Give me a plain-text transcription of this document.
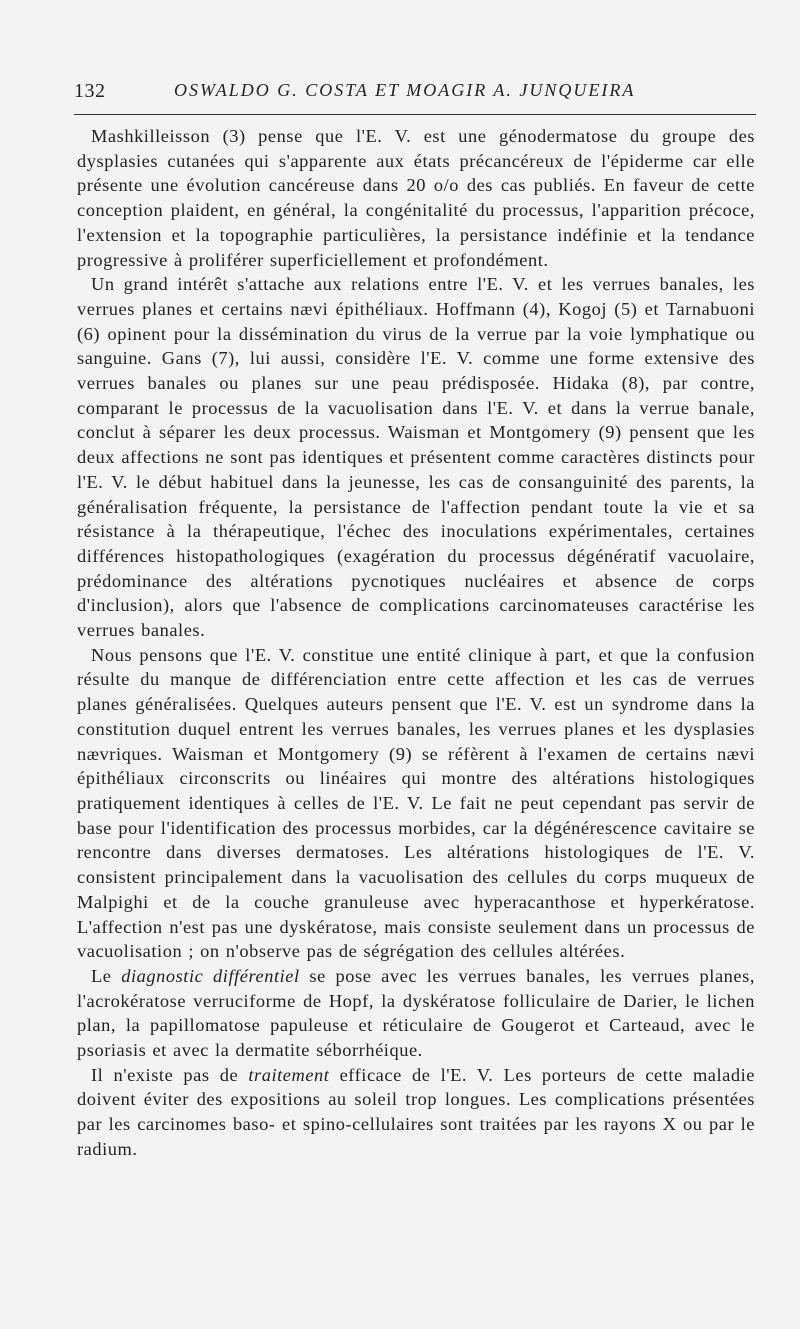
132	OSWALDO G. COSTA ET MOAGIR A. JUNQUEIRA

Mashkilleisson (3) pense que l'E. V. est une génodermatose du groupe des dysplasies cutanées qui s'apparente aux états précancéreux de l'épiderme car elle présente une évolution cancéreuse dans 20 o/o des cas publiés. En faveur de cette conception plaident, en général, la congénitalité du processus, l'apparition précoce, l'extension et la topographie particulières, la persistance indéfinie et la tendance progressive à proliférer superficiellement et profondément.

Un grand intérêt s'attache aux relations entre l'E. V. et les verrues banales, les verrues planes et certains nævi épithéliaux. Hoffmann (4), Kogoj (5) et Tarnabuoni (6) opinent pour la dissémination du virus de la verrue par la voie lymphatique ou sanguine. Gans (7), lui aussi, considère l'E. V. comme une forme extensive des verrues banales ou planes sur une peau prédisposée. Hidaka (8), par contre, comparant le processus de la vacuolisation dans l'E. V. et dans la verrue banale, conclut à séparer les deux processus. Waisman et Montgomery (9) pensent que les deux affections ne sont pas identiques et présentent comme caractères distincts pour l'E. V. le début habituel dans la jeunesse, les cas de consanguinité des parents, la généralisation fréquente, la persistance de l'affection pendant toute la vie et sa résistance à la thérapeutique, l'échec des inoculations expérimentales, certaines différences histopathologiques (exagération du processus dégénératif vacuolaire, prédominance des altérations pycnotiques nucléaires et absence de corps d'inclusion), alors que l'absence de complications carcinomateuses caractérise les verrues banales.

Nous pensons que l'E. V. constitue une entité clinique à part, et que la confusion résulte du manque de différenciation entre cette affection et les cas de verrues planes généralisées. Quelques auteurs pensent que l'E. V. est un syndrome dans la constitution duquel entrent les verrues banales, les verrues planes et les dysplasies nævriques. Waisman et Montgomery (9) se réfèrent à l'examen de certains nævi épithéliaux circonscrits ou linéaires qui montre des altérations histologiques pratiquement identiques à celles de l'E. V. Le fait ne peut cependant pas servir de base pour l'identification des processus morbides, car la dégénérescence cavitaire se rencontre dans diverses dermatoses. Les altérations histologiques de l'E. V. consistent principalement dans la vacuolisation des cellules du corps muqueux de Malpighi et de la couche granuleuse avec hyperacanthose et hyperkératose. L'affection n'est pas une dyskératose, mais consiste seulement dans un processus de vacuolisation ; on n'observe pas de ségrégation des cellules altérées.

Le diagnostic différentiel se pose avec les verrues banales, les verrues planes, l'acrokératose verruciforme de Hopf, la dyskératose folliculaire de Darier, le lichen plan, la papillomatose papuleuse et réticulaire de Gougerot et Carteaud, avec le psoriasis et avec la dermatite séborrhéique.

Il n'existe pas de traitement efficace de l'E. V. Les porteurs de cette maladie doivent éviter des expositions au soleil trop longues. Les complications présentées par les carcinomes baso- et spino-cellulaires sont traitées par les rayons X ou par le radium.
